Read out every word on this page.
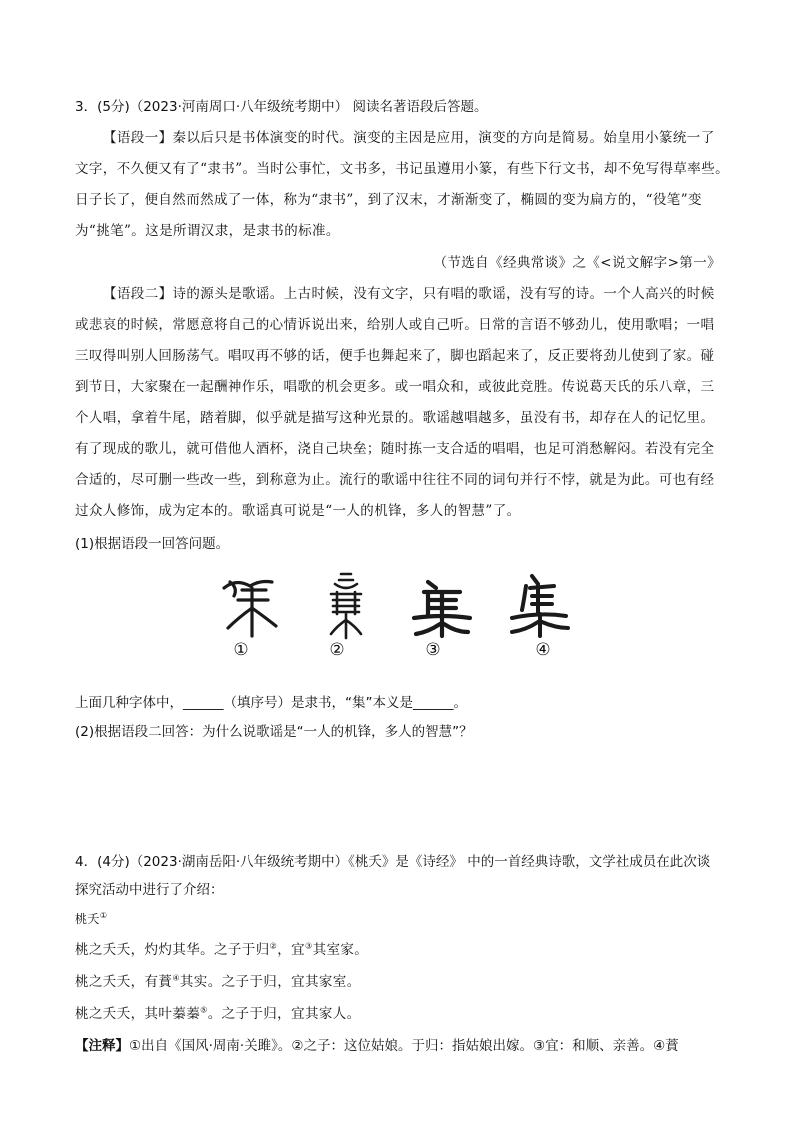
3．(5分)（2023·河南周口·八年级统考期中） 阅读名著语段后答题。
【语段一】秦以后只是书体演变的时代。演变的主因是应用，演变的方向是简易。始皇用小篆统一了
文字，不久便又有了“隶书”。当时公事忙，文书多，书记虽遵用小篆，有些下行文书，却不免写得草率些。
日子长了，便自然而然成了一体，称为“隶书”，到了汉末，才渐渐变了，椭圆的变为扁方的，“役笔”变
为“挑笔”。这是所谓汉隶，是隶书的标准。
（节选自《经典常谈》之《<说文解字>第一》
【语段二】诗的源头是歌谣。上古时候，没有文字，只有唱的歌谣，没有写的诗。一个人高兴的时候
或悲哀的时候，常愿意将自己的心情诉说出来，给别人或自己听。日常的言语不够劲儿，使用歌唱；一唱
三叹得叫别人回肠荡气。唱叹再不够的话，便手也舞起来了，脚也蹈起来了，反正要将劲儿使到了家。碰
到节日，大家聚在一起酬神作乐，唱歌的机会更多。或一唱众和，或彼此竞胜。传说葛天氏的乐八章，三
个人唱，拿着牛尾，踏着脚，似乎就是描写这种光景的。歌谣越唱越多，虽没有书，却存在人的记忆里。
有了现成的歌儿，就可借他人酒杯，浇自己块垒；随时拣一支合适的唱唱，也足可消愁解闷。若没有完全
合适的，尽可删一些改一些，到称意为止。流行的歌谣中往往不同的词句并行不悖，就是为此。可也有经
过众人修饰，成为定本的。歌谣真可说是“一人的机锋，多人的智慧”了。
(1)根据语段一回答问题。
①	②	③	④
上面几种字体中，______（填序号）是隶书，“集”本义是______。
(2)根据语段二回答：为什么说歌谣是“一人的机锋，多人的智慧”？
4．(4分)（2023·湖南岳阳·八年级统考期中）《桃夭》是《诗经》 中的一首经典诗歌，文学社成员在此次谈
探究活动中进行了介绍：
桃夭①
桃之夭夭，灼灼其华。之子于归②，宜③其室家。
桃之夭夭，有蕡④其实。之子于归，宜其家室。
桃之夭夭，其叶蓁蓁⑤。之子于归，宜其家人。
【注释】①出自《国风·周南·关雎》。②之子：这位姑娘。于归：指姑娘出嫁。③宜：和顺、亲善。④蕡
